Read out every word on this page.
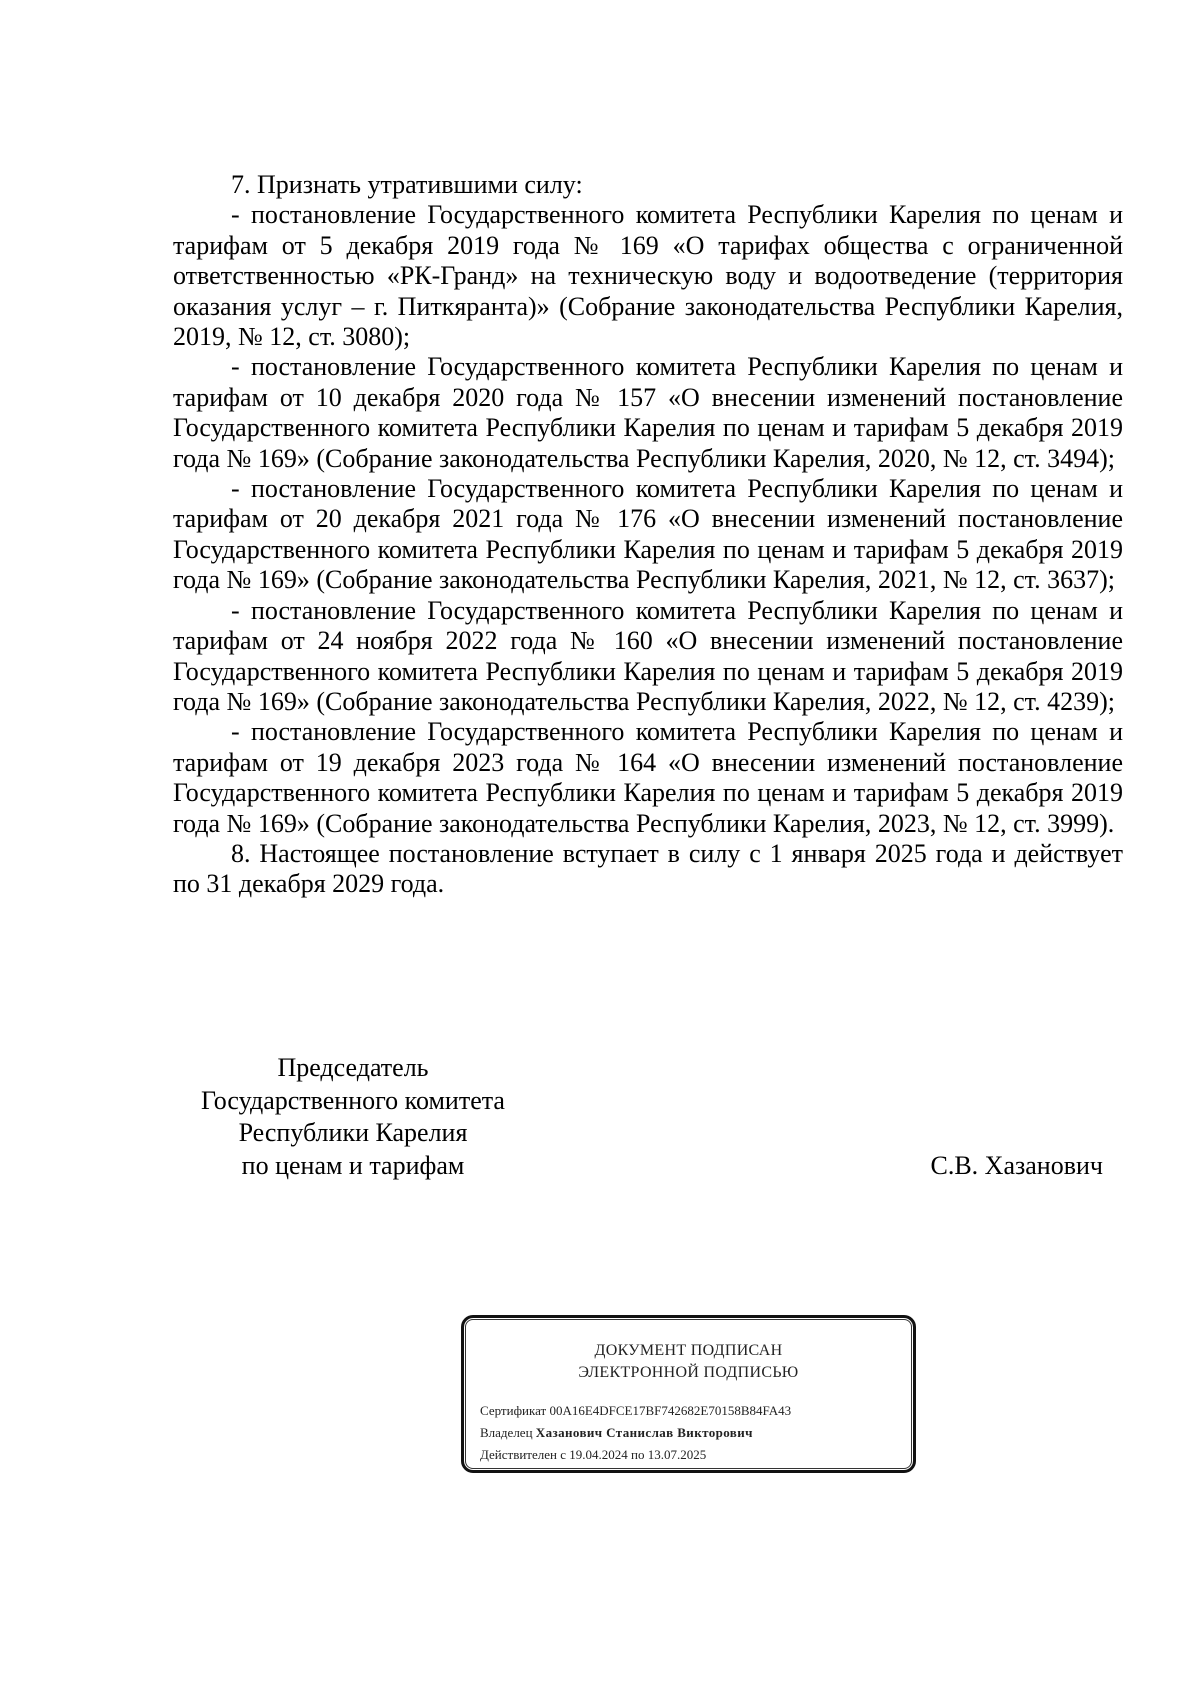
7. Признать утратившими силу:

- постановление Государственного комитета Республики Карелия по ценам и тарифам от 5 декабря 2019 года № 169 «О тарифах общества с ограниченной ответственностью «РК-Гранд» на техническую воду и водоотведение (территория оказания услуг – г. Питкяранта)» (Собрание законодательства Республики Карелия, 2019, № 12, ст. 3080);

- постановление Государственного комитета Республики Карелия по ценам и тарифам от 10 декабря 2020 года № 157 «О внесении изменений постановление Государственного комитета Республики Карелия по ценам и тарифам 5 декабря 2019 года № 169» (Собрание законодательства Республики Карелия, 2020, № 12, ст. 3494);

- постановление Государственного комитета Республики Карелия по ценам и тарифам от 20 декабря 2021 года № 176 «О внесении изменений постановление Государственного комитета Республики Карелия по ценам и тарифам 5 декабря 2019 года № 169» (Собрание законодательства Республики Карелия, 2021, № 12, ст. 3637);

- постановление Государственного комитета Республики Карелия по ценам и тарифам от 24 ноября 2022 года № 160 «О внесении изменений постановление Государственного комитета Республики Карелия по ценам и тарифам 5 декабря 2019 года № 169» (Собрание законодательства Республики Карелия, 2022, № 12, ст. 4239);

- постановление Государственного комитета Республики Карелия по ценам и тарифам от 19 декабря 2023 года № 164 «О внесении изменений постановление Государственного комитета Республики Карелия по ценам и тарифам 5 декабря 2019 года № 169» (Собрание законодательства Республики Карелия, 2023, № 12, ст. 3999).

8. Настоящее постановление вступает в силу с 1 января 2025 года и действует по 31 декабря 2029 года.

Председатель
Государственного комитета
Республики Карелия
по ценам и тарифам	С.В. Хазанович
ДОКУМЕНТ ПОДПИСАН
ЭЛЕКТРОННОЙ ПОДПИСЬЮ
Сертификат 00A16E4DFCE17BF742682E70158B84FA43
Владелец Хазанович Станислав Викторович
Действителен с 19.04.2024 по 13.07.2025
